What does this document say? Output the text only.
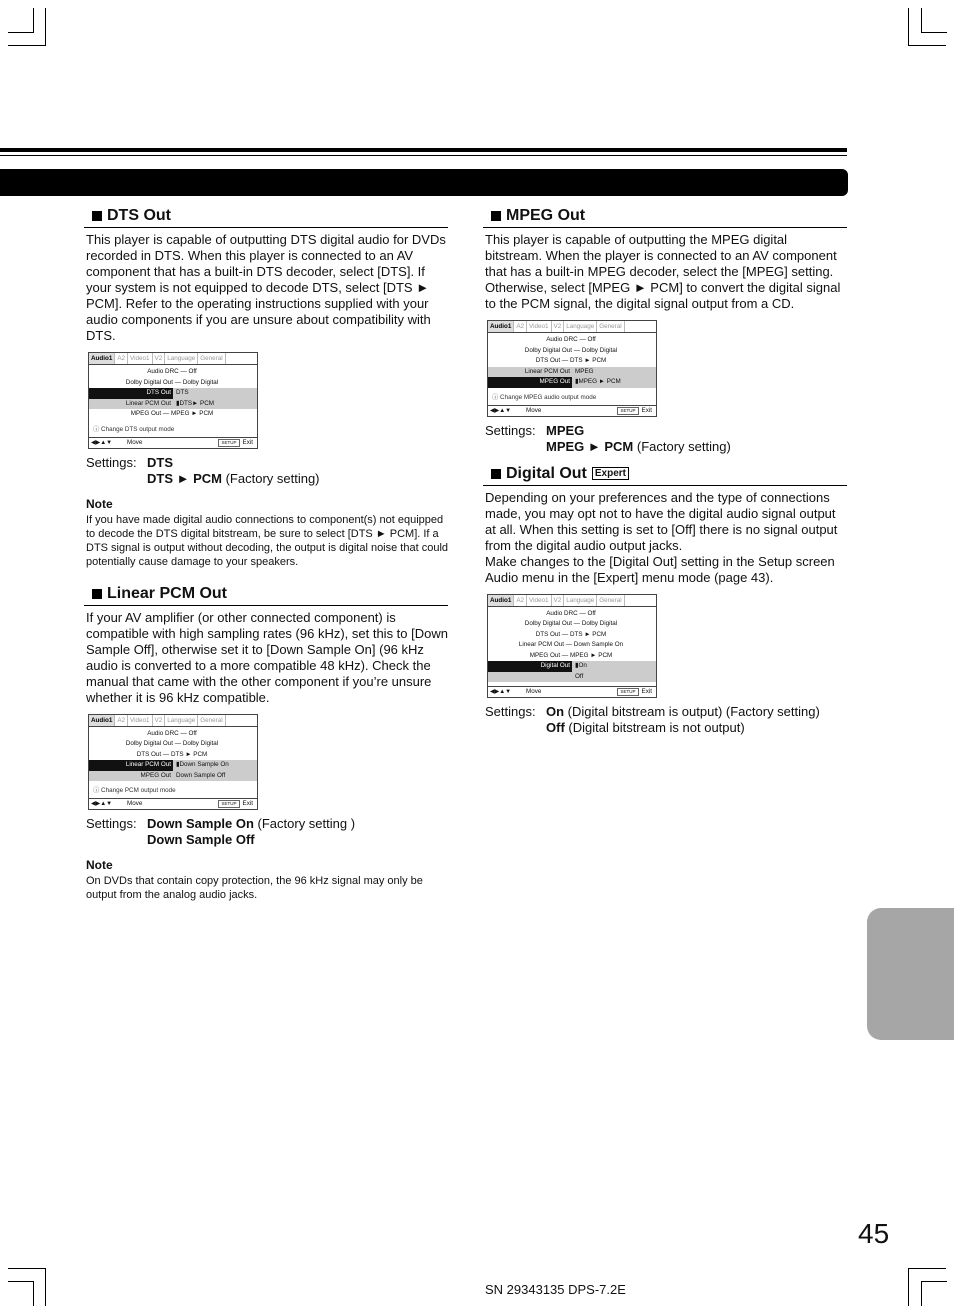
DTS Out

This player is capable of outputting DTS digital audio for DVDs recorded in DTS. When this player is connected to an AV component that has a built-in DTS decoder, select [DTS]. If your system is not equipped to decode DTS, select [DTS ► PCM]. Refer to the operating instructions supplied with your audio components if you are unsure about compatibility with DTS.

Audio1 A2 Video1 V2 Language General
Audio DRC — Off
Dolby Digital Out — Dolby Digital
DTS Out DTS
Linear PCM Out ▮DTS► PCM
MPEG Out — MPEG ► PCM
ⓘ Change DTS output mode
◀▶▲▼	Move	SETUP Exit
Settings: DTS
DTS ► PCM (Factory setting)
Note

If you have made digital audio connections to component(s) not equipped to decode the DTS digital bitstream, be sure to select [DTS ► PCM]. If a DTS signal is output without decoding, the output is digital noise that could potentially cause damage to your speakers.

Linear PCM Out

If your AV amplifier (or other connected component) is compatible with high sampling rates (96 kHz), set this to [Down Sample Off], otherwise set it to [Down Sample On] (96 kHz audio is converted to a more compatible 48 kHz). Check the manual that came with the other component if you’re unsure whether it is 96 kHz compatible.

Audio1 A2 Video1 V2 Language General
Audio DRC — Off
Dolby Digital Out — Dolby Digital
DTS Out — DTS ► PCM
Linear PCM Out ▮Down Sample On
MPEG Out Down Sample Off
ⓘ Change PCM output mode
◀▶▲▼	Move	SETUP Exit
Settings: Down Sample On (Factory setting )
Down Sample Off
Note

On DVDs that contain copy protection, the 96 kHz signal may only be output from the analog audio jacks.

MPEG Out

This player is capable of outputting the MPEG digital bitstream. When the player is connected to an AV component that has a built-in MPEG decoder, select the [MPEG] setting. Otherwise, select [MPEG ► PCM] to convert the digital signal to the PCM signal, the digital signal output from a CD.

Audio1 A2 Video1 V2 Language General
Audio DRC — Off
Dolby Digital Out — Dolby Digital
DTS Out — DTS ► PCM
Linear PCM Out MPEG
MPEG Out ▮MPEG ► PCM
ⓘ Change MPEG audio output mode
◀▶▲▼	Move	SETUP Exit
Settings: MPEG
MPEG ► PCM (Factory setting)
Digital Out Expert

Depending on your preferences and the type of connections made, you may opt not to have the digital audio signal output at all. When this setting is set to [Off] there is no signal output from the digital audio output jacks.

Make changes to the [Digital Out] setting in the Setup screen Audio menu in the [Expert] menu mode (page 43).

Audio1 A2 Video1 V2 Language General
Audio DRC — Off
Dolby Digital Out — Dolby Digital
DTS Out — DTS ► PCM
Linear PCM Out — Down Sample On
MPEG Out — MPEG ► PCM
Digital Out ▮On
Off
◀▶▲▼	Move	SETUP Exit
Settings: On (Digital bitstream is output) (Factory setting)
Off (Digital bitstream is not output)
45
SN 29343135 DPS-7.2E
